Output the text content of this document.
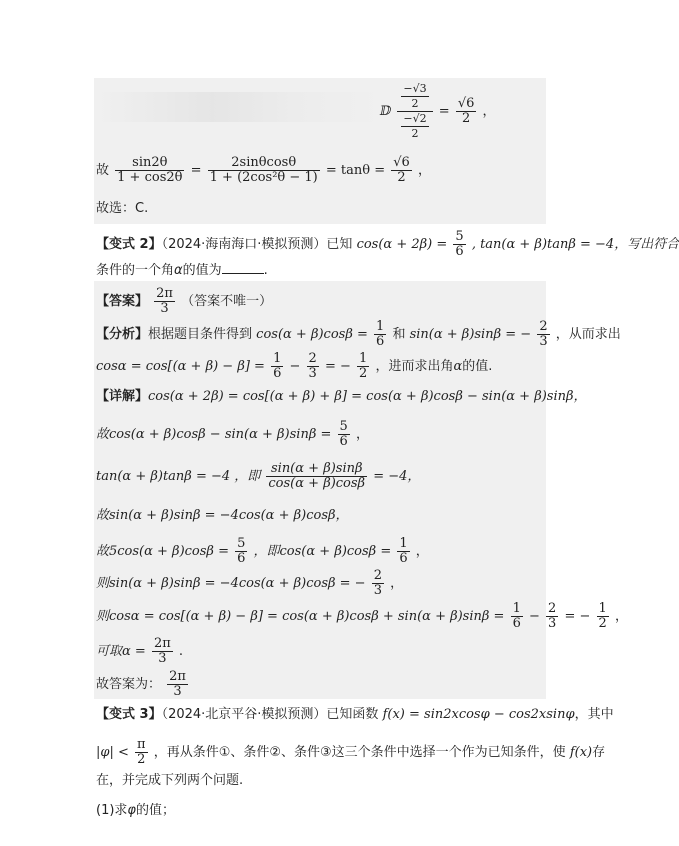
ⅅ $\frac{\frac{-√3}{2}}{\frac{-√2}{2}} = \frac{√6}{2}$ ，
故 $\frac{\sin 2\theta}{1 + \cos 2\theta} = \frac{2\sin\theta\cos\theta}{\text{1 + (2cos²θ − 1)}} = \tan\theta = \frac{√6}{2}$ ，
故选：C.
【变式 2】（2024·海南海口·模拟预测）已知 $\cos(\alpha + 2\beta) = \frac{5}{6}$ , tan(α + β)tanβ = −4，写出符合
条件的一个角α的值为	.
【答案】 $\frac{2\pi}{3}$ （答案不唯一）
【分析】根据题目条件得到 $\cos(\alpha + \beta)\cos\beta = \frac{1}{6}$ 和 sin(α + β)sinβ = − $\frac{2}{3}$ ，从而求出
$\cos\alpha = \cos[(\alpha + \beta) - \beta] = \frac{1}{6} - \frac{2}{3}$ = − $\frac{1}{2}$ ，进而求出角α的值.
【详解】cos(α + 2β) = cos[(α + β) + β] = cos(α + β)cosβ − sin(α + β)sinβ，
故$\cos(\alpha + \beta)\cos\beta - \sin(\alpha + \beta)\sin\beta = \frac{5}{6}$ ，
tan(α + β)tanβ = −4 ，即 $\frac{\sin(\alpha + \beta)\sin\beta}{\cos(\alpha + \beta)\cos\beta} = -4$，
故sin(α + β)sinβ = −4cos(α + β)cosβ，
故$5\cos(\alpha + \beta)\cos\beta = \frac{5}{6}$ ，即$\cos(\alpha + \beta)\cos\beta = \frac{1}{6}$ ，
则sin(α + β)sinβ = −4cos(α + β)cosβ = − $\frac{2}{3}$ ，
则$\cos\alpha = \cos[(\alpha + \beta) - \beta] = \cos(\alpha + \beta)\cos\beta + \sin(\alpha + \beta)\sin\beta = \frac{1}{6} - \frac{2}{3}$ = − $\frac{1}{2}$ ，
可取$\alpha = \frac{2\pi}{3}$ .
故答案为： $\frac{2\pi}{3}$
【变式 3】（2024·北京平谷·模拟预测）已知函数 f(x) = sin2xcosφ − cos2xsinφ，其中
$|\varphi| < \frac{\pi}{2}$ ，再从条件①、条件②、条件③这三个条件中选择一个作为已知条件，使 f(x)存
在，并完成下列两个问题.
(1)求φ的值；
